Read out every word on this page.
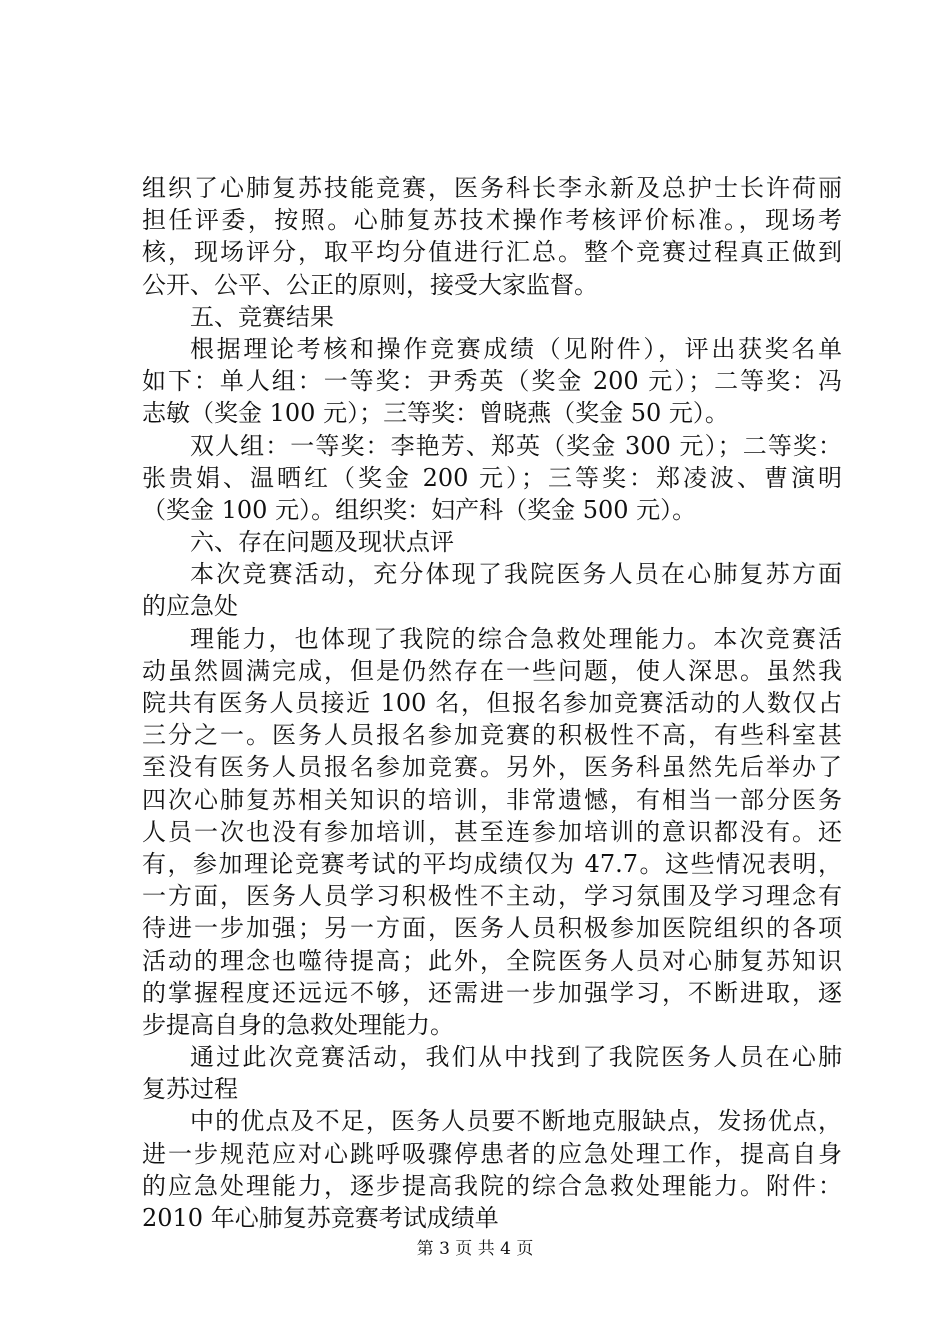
组织了心肺复苏技能竞赛，医务科长李永新及总护士长许荷丽
担任评委，按照。心肺复苏技术操作考核评价标准。，现场考
核，现场评分，取平均分值进行汇总。整个竞赛过程真正做到
公开、公平、公正的原则，接受大家监督。
五、竞赛结果
根据理论考核和操作竞赛成绩（见附件），评出获奖名单
如下：单人组：一等奖：尹秀英（奖金 200 元）；二等奖：冯
志敏（奖金 100 元）；三等奖：曾晓燕（奖金 50 元）。
双人组：一等奖：李艳芳、郑英（奖金 300 元）；二等奖：
张贵娟、温晒红（奖金 200 元）；三等奖：郑凌波、曹演明
（奖金 100 元）。组织奖：妇产科（奖金 500 元）。
六、存在问题及现状点评
本次竞赛活动，充分体现了我院医务人员在心肺复苏方面
的应急处
理能力，也体现了我院的综合急救处理能力。本次竞赛活
动虽然圆满完成，但是仍然存在一些问题，使人深思。虽然我
院共有医务人员接近 100 名，但报名参加竞赛活动的人数仅占
三分之一。医务人员报名参加竞赛的积极性不高，有些科室甚
至没有医务人员报名参加竞赛。另外，医务科虽然先后举办了
四次心肺复苏相关知识的培训，非常遗憾，有相当一部分医务
人员一次也没有参加培训，甚至连参加培训的意识都没有。还
有，参加理论竞赛考试的平均成绩仅为 47.7。这些情况表明，
一方面，医务人员学习积极性不主动，学习氛围及学习理念有
待进一步加强；另一方面，医务人员积极参加医院组织的各项
活动的理念也噬待提高；此外，全院医务人员对心肺复苏知识
的掌握程度还远远不够，还需进一步加强学习，不断进取，逐
步提高自身的急救处理能力。
通过此次竞赛活动，我们从中找到了我院医务人员在心肺
复苏过程
中的优点及不足，医务人员要不断地克服缺点，发扬优点，
进一步规范应对心跳呼吸骤停患者的应急处理工作，提高自身
的应急处理能力，逐步提高我院的综合急救处理能力。附件：
2010 年心肺复苏竞赛考试成绩单
第 3 页 共 4 页
